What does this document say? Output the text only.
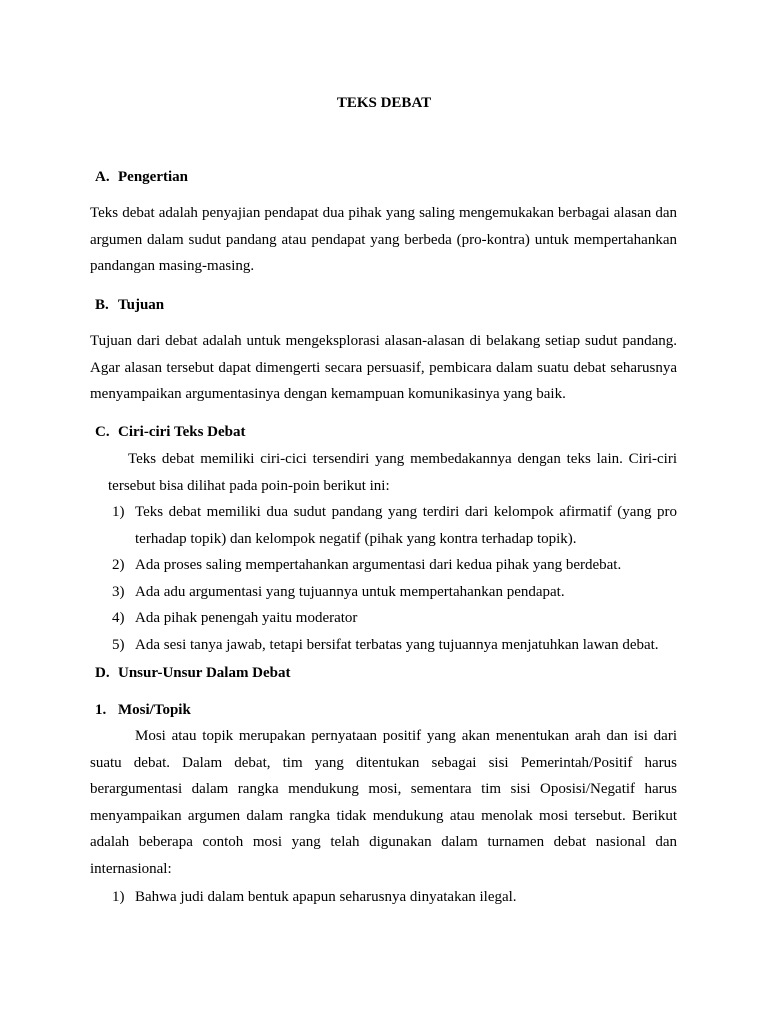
TEKS DEBAT
A. Pengertian
Teks debat adalah penyajian pendapat dua pihak yang saling mengemukakan berbagai alasan dan argumen dalam sudut pandang atau pendapat yang berbeda (pro-kontra) untuk mempertahankan pandangan masing-masing.
B. Tujuan
Tujuan dari debat adalah untuk mengeksplorasi alasan-alasan di belakang setiap sudut pandang. Agar alasan tersebut dapat dimengerti secara persuasif, pembicara dalam suatu debat seharusnya menyampaikan argumentasinya dengan kemampuan komunikasinya yang baik.
C. Ciri-ciri Teks Debat
Teks debat memiliki ciri-cici tersendiri yang membedakannya dengan teks lain. Ciri-ciri tersebut bisa dilihat pada poin-poin berikut ini:
1) Teks debat memiliki dua sudut pandang yang terdiri dari kelompok afirmatif (yang pro terhadap topik) dan kelompok negatif (pihak yang kontra terhadap topik).
2) Ada proses saling mempertahankan argumentasi dari kedua pihak yang berdebat.
3) Ada adu argumentasi yang tujuannya untuk mempertahankan pendapat.
4) Ada pihak penengah yaitu moderator
5) Ada sesi tanya jawab, tetapi bersifat terbatas yang tujuannya menjatuhkan lawan debat.
D. Unsur-Unsur Dalam Debat
1. Mosi/Topik
Mosi atau topik merupakan pernyataan positif yang akan menentukan arah dan isi dari suatu debat. Dalam debat, tim yang ditentukan sebagai sisi Pemerintah/Positif harus berargumentasi dalam rangka mendukung mosi, sementara tim sisi Oposisi/Negatif harus menyampaikan argumen dalam rangka tidak mendukung atau menolak mosi tersebut. Berikut adalah beberapa contoh mosi yang telah digunakan dalam turnamen debat nasional dan internasional:
1) Bahwa judi dalam bentuk apapun seharusnya dinyatakan ilegal.
